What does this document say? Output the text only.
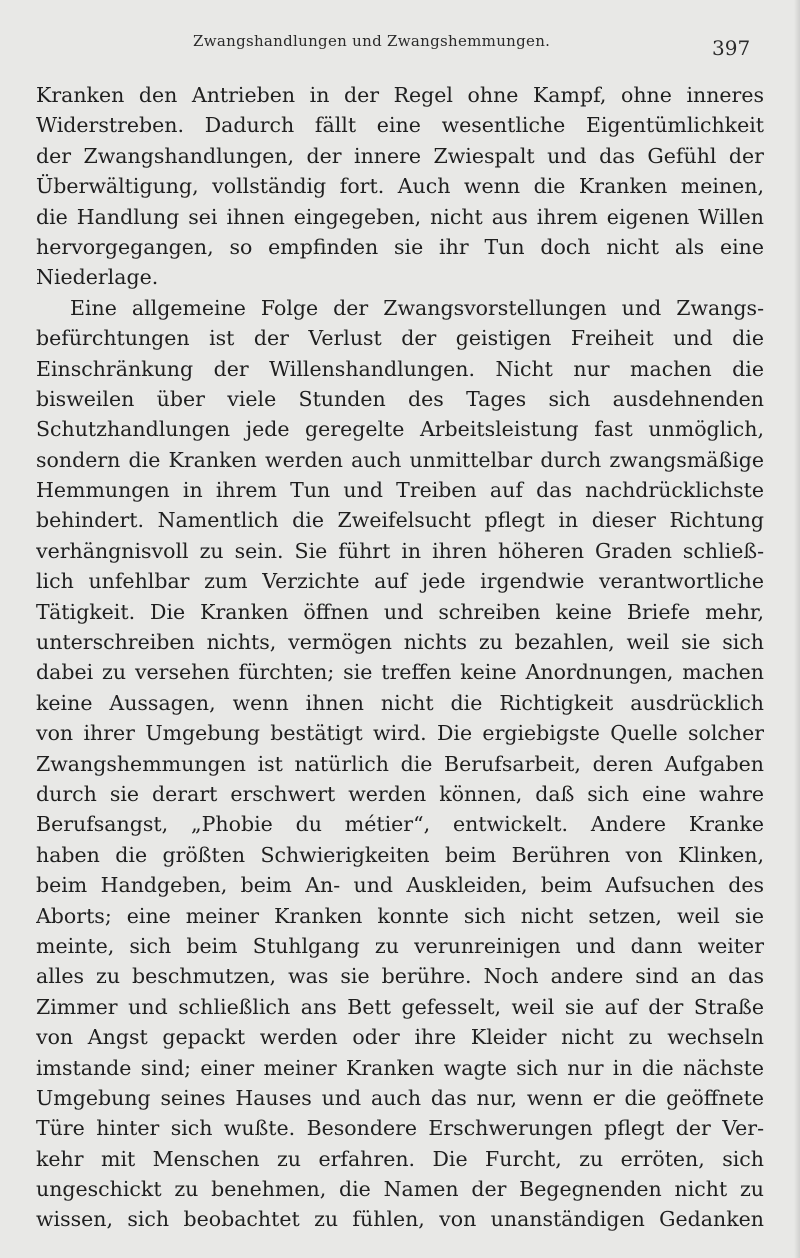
Zwangshandlungen und Zwangshemmungen.	397
Kranken den Antrieben in der Regel ohne Kampf, ohne inneres
Widerstreben. Dadurch fällt eine wesentliche Eigentümlichkeit
der Zwangshandlungen, der innere Zwiespalt und das Gefühl der
Überwältigung, vollständig fort. Auch wenn die Kranken meinen,
die Handlung sei ihnen eingegeben, nicht aus ihrem eigenen Willen
hervorgegangen, so empfinden sie ihr Tun doch nicht als eine
Niederlage.
Eine allgemeine Folge der Zwangsvorstellungen und Zwangs-
befürchtungen ist der Verlust der geistigen Freiheit und die
Einschränkung der Willenshandlungen. Nicht nur machen die
bisweilen über viele Stunden des Tages sich ausdehnenden
Schutzhandlungen jede geregelte Arbeitsleistung fast unmöglich,
sondern die Kranken werden auch unmittelbar durch zwangsmäßige
Hemmungen in ihrem Tun und Treiben auf das nachdrücklichste
behindert. Namentlich die Zweifelsucht pflegt in dieser Richtung
verhängnisvoll zu sein. Sie führt in ihren höheren Graden schließ-
lich unfehlbar zum Verzichte auf jede irgendwie verantwortliche
Tätigkeit. Die Kranken öffnen und schreiben keine Briefe mehr,
unterschreiben nichts, vermögen nichts zu bezahlen, weil sie sich
dabei zu versehen fürchten; sie treffen keine Anordnungen, machen
keine Aussagen, wenn ihnen nicht die Richtigkeit ausdrücklich
von ihrer Umgebung bestätigt wird. Die ergiebigste Quelle solcher
Zwangshemmungen ist natürlich die Berufsarbeit, deren Aufgaben
durch sie derart erschwert werden können, daß sich eine wahre
Berufsangst, „Phobie du métier“, entwickelt. Andere Kranke
haben die größten Schwierigkeiten beim Berühren von Klinken,
beim Handgeben, beim An- und Auskleiden, beim Aufsuchen des
Aborts; eine meiner Kranken konnte sich nicht setzen, weil sie
meinte, sich beim Stuhlgang zu verunreinigen und dann weiter
alles zu beschmutzen, was sie berühre. Noch andere sind an das
Zimmer und schließlich ans Bett gefesselt, weil sie auf der Straße
von Angst gepackt werden oder ihre Kleider nicht zu wechseln
imstande sind; einer meiner Kranken wagte sich nur in die nächste
Umgebung seines Hauses und auch das nur, wenn er die geöffnete
Türe hinter sich wußte. Besondere Erschwerungen pflegt der Ver-
kehr mit Menschen zu erfahren. Die Furcht, zu erröten, sich
ungeschickt zu benehmen, die Namen der Begegnenden nicht zu
wissen, sich beobachtet zu fühlen, von unanständigen Gedanken
